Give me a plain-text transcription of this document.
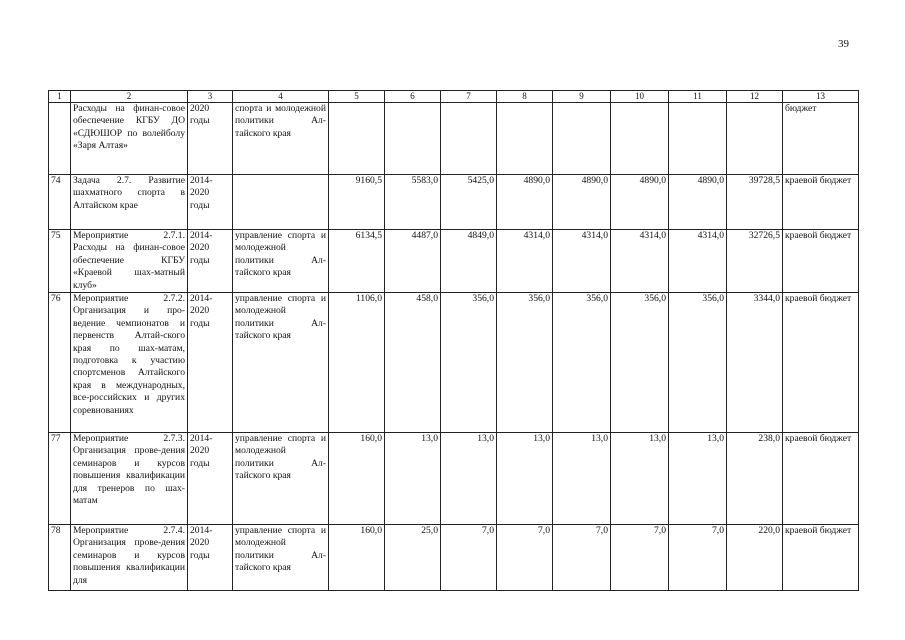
39
1	2	3	4	5	6	7	8	9	10	11	12	13
	Расходы на финан-совое обеспечение КГБУ ДО «СДЮШОР по волейболу «Заря Алтая»	2020 годы	спорта и молодежной политики Ал-тайского края									бюджет
74	Задача 2.7. Развитие шахматного спорта в Алтайском крае	2014-2020 годы		9160,5	5583,0	5425,0	4890,0	4890,0	4890,0	4890,0	39728,5	краевой бюджет
75	Мероприятие 2.7.1. Расходы на финан-совое обеспечение КГБУ «Краевой шах-матный клуб»	2014-2020 годы	управление спорта и молодежной политики Ал-тайского края	6134,5	4487,0	4849,0	4314,0	4314,0	4314,0	4314,0	32726,5	краевой бюджет
76	Мероприятие 2.7.2. Организация и про-ведение чемпионатов и первенств Алтай-ского края по шах-матам, подготовка к участию спортсменов Алтайского края в международных, все-российских и других соревнованиях	2014-2020 годы	управление спорта и молодежной политики Ал-тайского края	1106,0	458,0	356,0	356,0	356,0	356,0	356,0	3344,0	краевой бюджет
77	Мероприятие 2.7.3. Организация прове-дения семинаров и курсов повышения квалификации для тренеров по шах-матам	2014-2020 годы	управление спорта и молодежной политики Ал-тайского края	160,0	13,0	13,0	13,0	13,0	13,0	13,0	238,0	краевой бюджет
78	Мероприятие 2.7.4. Организация прове-дения семинаров и курсов повышения квалификации для	2014-2020 годы	управление спорта и молодежной политики Ал-тайского края	160,0	25,0	7,0	7,0	7,0	7,0	7,0	220,0	краевой бюджет
